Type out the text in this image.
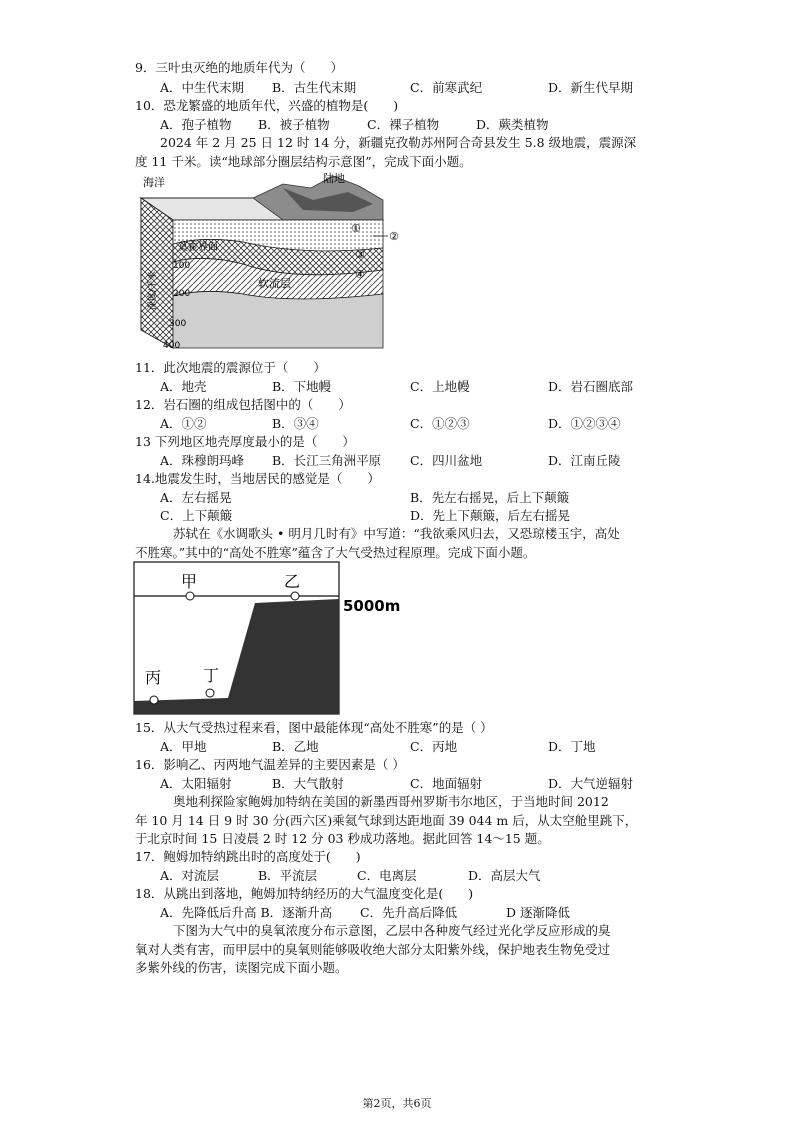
9．三叶虫灭绝的地质年代为（　　）
A．中生代末期 B．古生代末期	C．前寒武纪	D．新生代早期
10．恐龙繁盛的地质年代，兴盛的植物是(　　)
A．孢子植物 B．被子植物	C．裸子植物	D．蕨类植物
2024 年 2 月 25 日 12 时 14 分，新疆克孜勒苏州阿合奇县发生 5.8 级地震，震源深
度 11 千米。读“地球部分圈层结构示意图”，完成下面小题。
海洋	陆地
莫霍界面
软流层
深度/千米
100
200
300
400
①
②
③
④
11．此次地震的震源位于（　　）
A．地壳	B．下地幔	C．上地幔	D．岩石圈底部
12．岩石圈的组成包括图中的（　　）
A．①②	B．③④	C．①②③	D．①②③④
13 下列地区地壳厚度最小的是（　　）
A．珠穆朗玛峰 B．长江三角洲平原 C．四川盆地	D．江南丘陵
14.地震发生时，当地居民的感觉是（　　）
A．左右摇晃	B．先左右摇晃，后上下颠簸
C．上下颠簸	D．先上下颠簸，后左右摇晃
苏轼在《水调歌头 • 明月几时有》中写道：“我欲乘风归去，又恐琼楼玉宇，高处
不胜寒。”其中的“高处不胜寒”蕴含了大气受热过程原理。完成下面小题。
甲	乙
丙	丁
5000m
15．从大气受热过程来看，图中最能体现“高处不胜寒”的是（ ）
A．甲地	B．乙地	C．丙地	D．丁地
16．影响乙、丙两地气温差异的主要因素是（ ）
A．太阳辐射	B．大气散射	C．地面辐射	D．大气逆辐射
奥地利探险家鲍姆加特纳在美国的新墨西哥州罗斯韦尔地区，于当地时间 2012
年 10 月 14 日 9 时 30 分(西六区)乘氦气球到达距地面 39 044 m 后，从太空舱里跳下，
于北京时间 15 日凌晨 2 时 12 分 03 秒成功落地。据此回答 14～15 题。
17．鲍姆加特纳跳出时的高度处于(　　)
A．对流层	B．平流层	C．电离层	D．高层大气
18．从跳出到落地，鲍姆加特纳经历的大气温度变化是(　　)
A．先降低后升高 B．逐渐升高 C．先升高后降低	D 逐渐降低
下图为大气中的臭氧浓度分布示意图，乙层中各种废气经过光化学反应形成的臭
氧对人类有害，而甲层中的臭氧则能够吸收绝大部分太阳紫外线，保护地表生物免受过
多紫外线的伤害，读图完成下面小题。
第2页，共6页
